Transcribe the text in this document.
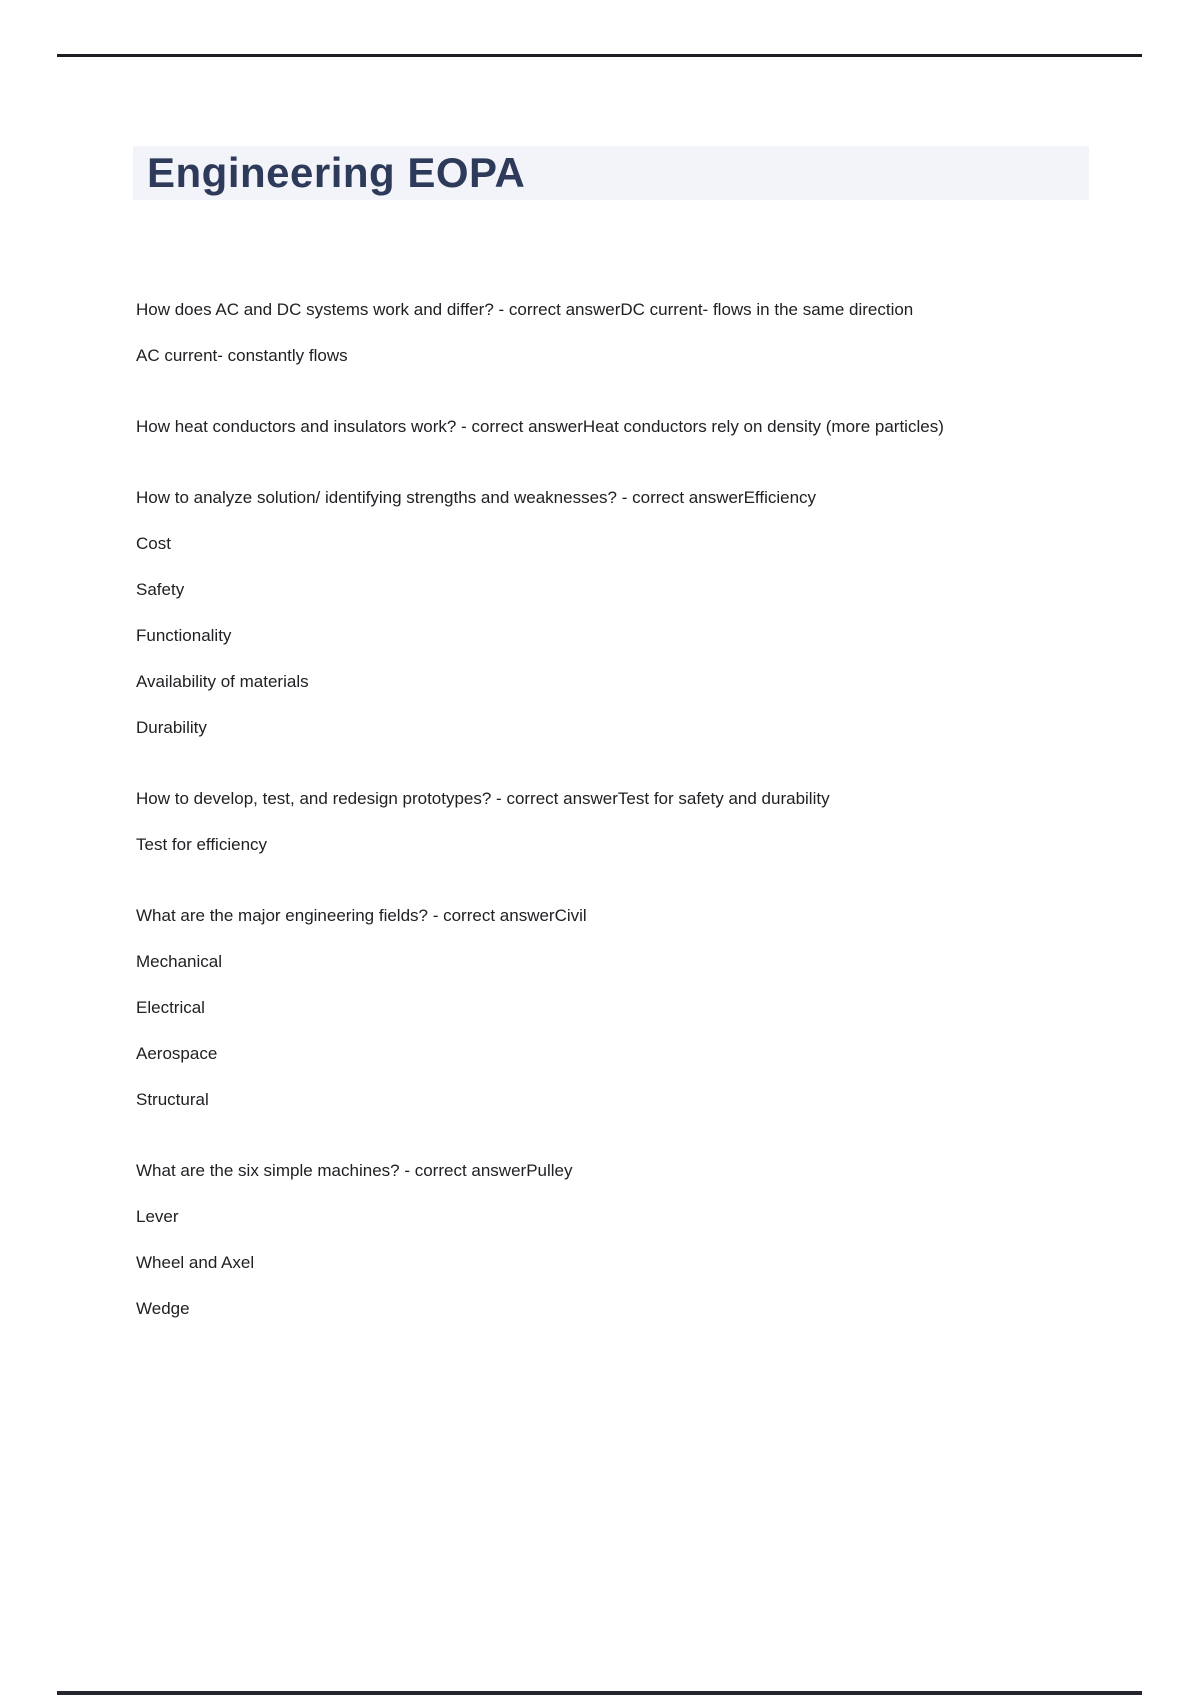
Engineering EOPA

How does AC and DC systems work and differ? - correct answerDC current- flows in the same direction

AC current- constantly flows

How heat conductors and insulators work? - correct answerHeat conductors rely on density (more particles)

How to analyze solution/ identifying strengths and weaknesses? - correct answerEfficiency

Cost

Safety

Functionality

Availability of materials

Durability

How to develop, test, and redesign prototypes? - correct answerTest for safety and durability

Test for efficiency

What are the major engineering fields? - correct answerCivil

Mechanical

Electrical

Aerospace

Structural

What are the six simple machines? - correct answerPulley

Lever

Wheel and Axel

Wedge
